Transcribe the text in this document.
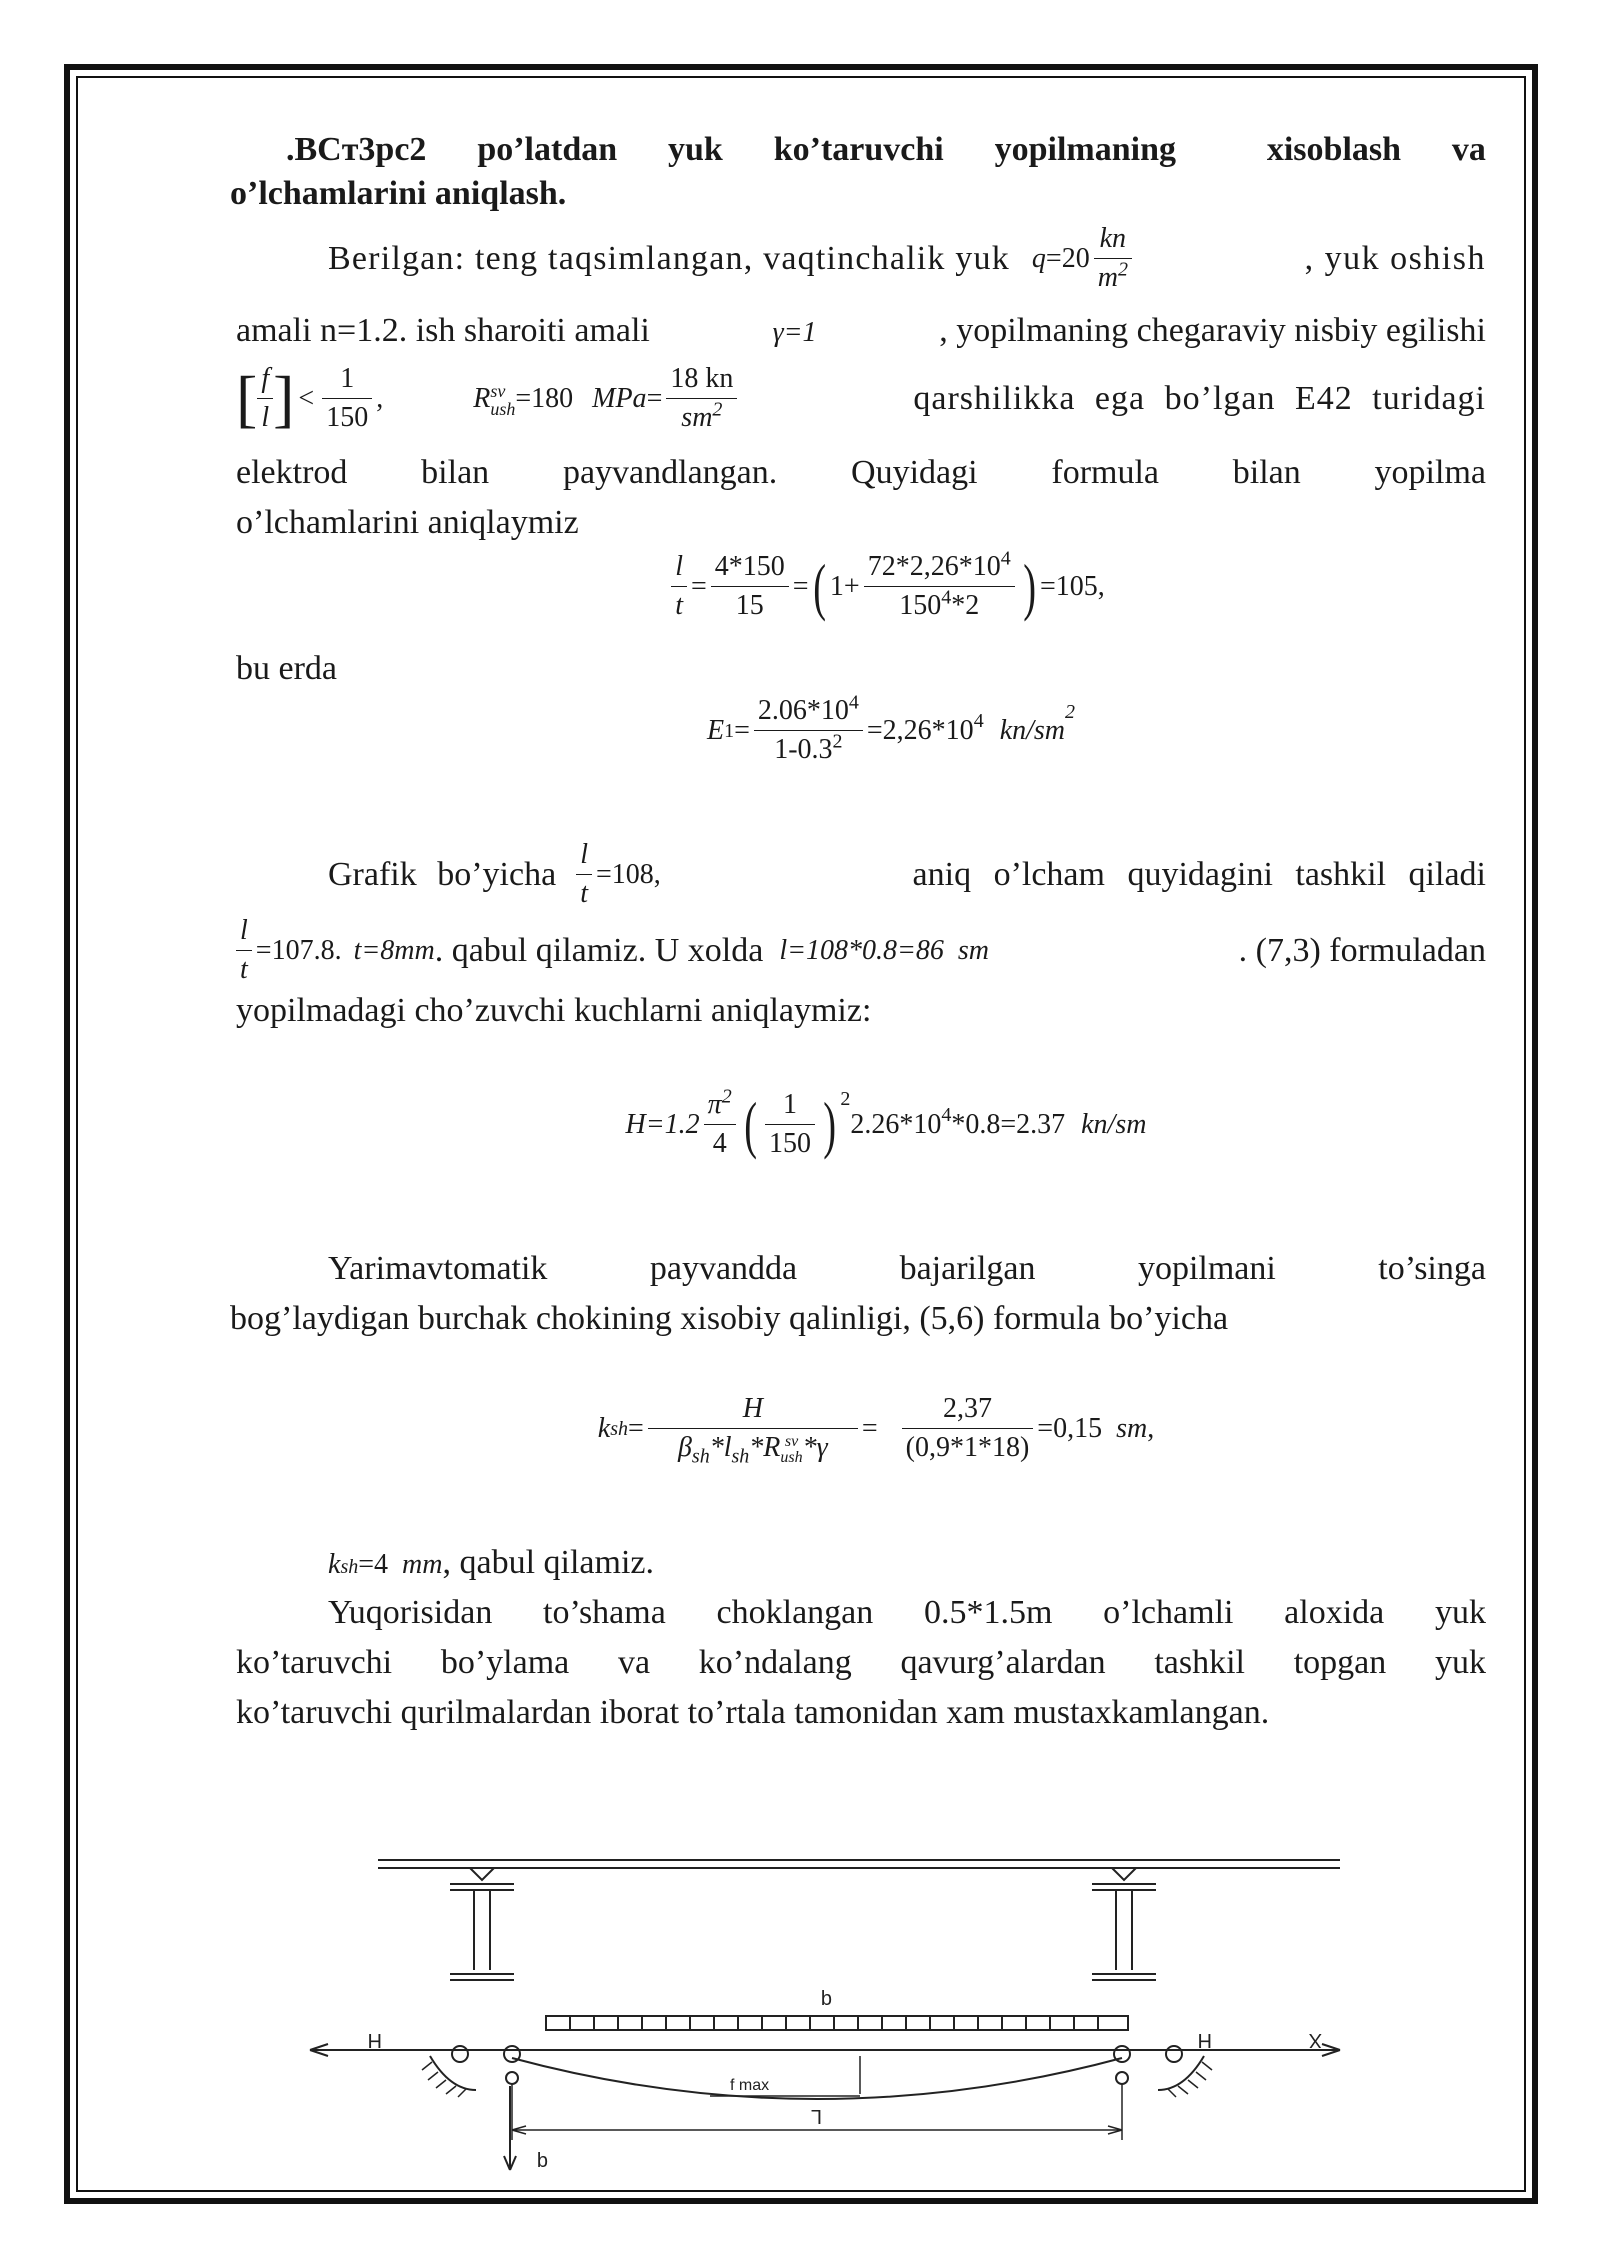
.BCт3рс2 po’latdan yuk ko’taruvchi yopilmaning	xisoblash va
o’lchamlarini aniqlash.

Berilgan: teng taqsimlangan, vaqtinchalik yuk $q=20 \frac{kn}{m^2}$	, yuk oshish

amali n=1.2. ish sharoiti amali	γ=1	, yopilmaning chegaraviy nisbiy egilishi

[ $\frac{f}{l}$ ] < $\frac{1}{150}$ ,	R sv
ush =180 $MPa= \frac{18 kn}{sm^2}$	qarshilikka ega bo’lgan E42 turidagi

elektrod bilan payvandlangan. Quyidagi formula bilan yopilma

o’lchamlarini aniqlaymiz

$\frac{l}{t} = \frac{4*150}{15}$ = ( $1+ \frac{72*2,26*10^4}{150^4*2}$ ) =105 ,

bu erda

E $1 = \frac{2.06*10^4}{1-0.3^2} =2,26*10^4$ $kn/sm^2$
Grafik bo’yicha $\frac{l}{t} =108$,	aniq o’lcham quyidagini tashkil qiladi
$\frac{l}{t} =107.8$. t=8 mm . qabul qilamiz. U xolda l=108*0.8=86 sm	. (7,3) formuladan

yopilmadagi cho’zuvchi kuchlarni aniqlaymiz:

$H=1.2 \frac{\pi^2}{4}$ ( $\frac{1}{150} )^2$
$2.26*10^4$ *0.8=2.37 kn/sm
Yarimavtomatik	payvandda	bajarilgan	yopilmani	to’singa

bog’laydigan burchak chokining xisobiy qalinligi, (5,6) formula bo’yicha

k sh = H
$\beta_{sh}*l_{sh}*R$ sv
ush $*\gamma = \frac{2,37}{(0,9*1*18)} =0,15$ sm ,
k sh =4 mm , qabul qilamiz.

Yuqorisidan to’shama choklangan 0.5*1.5m o’lchamli aloxida yuk

ko’taruvchi bo’ylama va ko’ndalang qavurg’alardan tashkil topgan yuk

ko’taruvchi qurilmalardan iborat to’rtala tamonidan xam mustaxkamlangan.

q
H	H	X
f max
L
q
